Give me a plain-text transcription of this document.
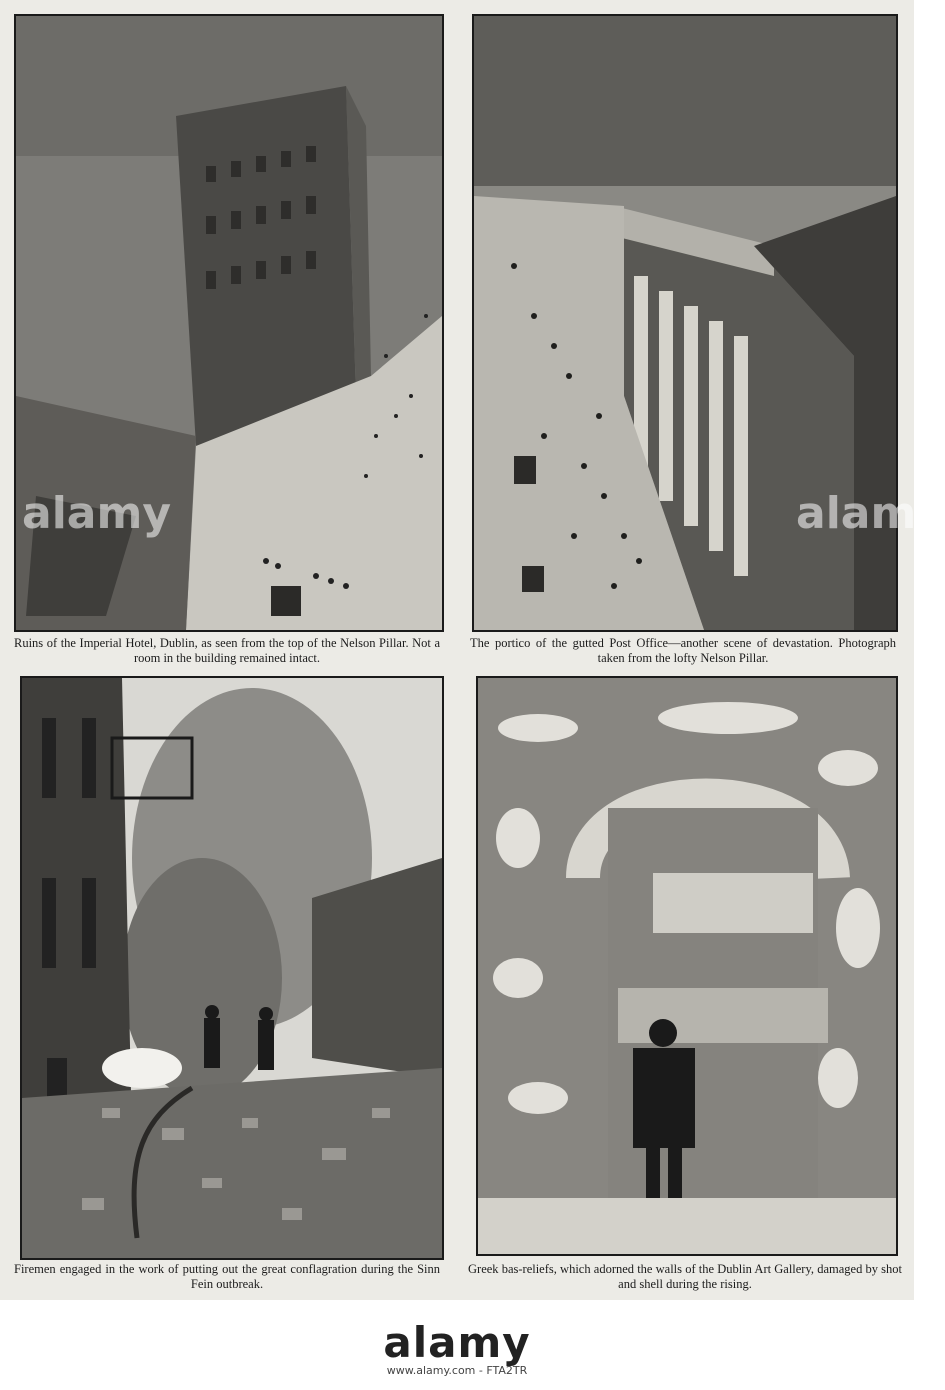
Ruins of the Imperial Hotel, Dublin, as seen from the top of the Nelson Pillar. Not a room in the building remained intact.
The portico of the gutted Post Office—another scene of devastation. Photograph taken from the lofty Nelson Pillar.
Firemen engaged in the work of putting out the great conflagration during the Sinn Fein outbreak.
Greek bas-reliefs, which adorned the walls of the Dublin Art Gallery, damaged by shot and shell during the rising.
alamy	alamy
alamy
www.alamy.com - FTA2TR
